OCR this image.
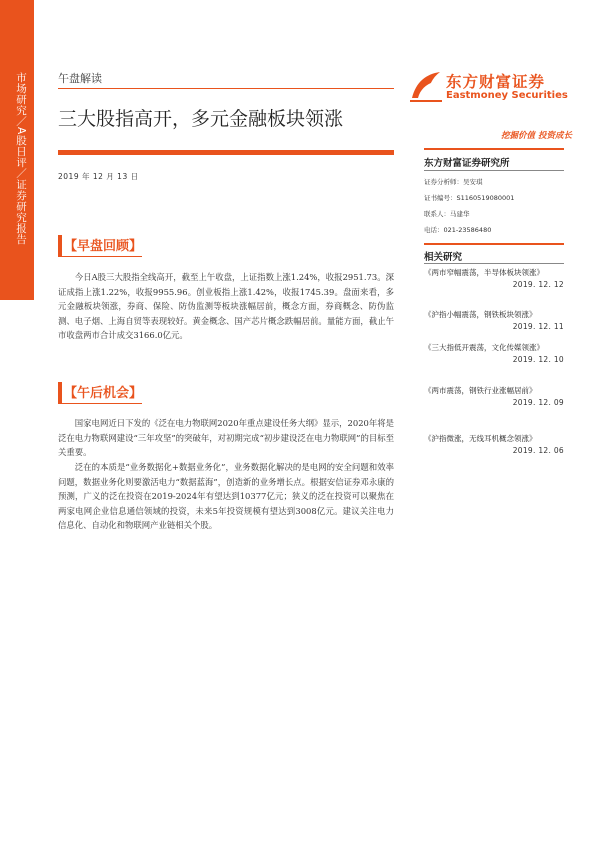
市场研究／A股日评／证券研究报告	午盘解读
三大股指高开，多元金融板块领涨
2019 年 12 月 13 日
【早盘回顾】
今日A股三大股指全线高开，截至上午收盘，上证指数上涨1.24%，收报2951.73。深证成指上涨1.22%，收报9955.96。创业板指上涨1.42%，收报1745.39。盘面来看，多元金融板块领涨，券商、保险、防伪监测等板块涨幅居前，概念方面，券商概念、防伪监测、电子烟、上海自贸等表现较好。黄金概念、国产芯片概念跌幅居前。量能方面，截止午市收盘两市合计成交3166.0亿元。
【午后机会】
国家电网近日下发的《泛在电力物联网2020年重点建设任务大纲》显示，2020年将是泛在电力物联网建设“三年攻坚”的突破年，对初期完成“初步建设泛在电力物联网”的目标至关重要。
泛在的本质是“业务数据化+数据业务化”，业务数据化解决的是电网的安全问题和效率问题，数据业务化则要激活电力“数据蓝海”，创造新的业务增长点。根据安信证券邓永康的预测，广义的泛在投资在2019-2024年有望达到10377亿元；狭义的泛在投资可以聚焦在两家电网企业信息通信领域的投资，未来5年投资规模有望达到3008亿元。建议关注电力信息化、自动化和物联网产业链相关个股。
东方财富证券
Eastmoney Securities
挖掘价值 投资成长
东方财富证券研究所
证券分析师：吴安琪
证书编号：S1160519080001
联系人：马建华
电话：021-23586480
相关研究
《两市窄幅震荡，半导体板块领涨》
2019. 12. 12
《沪指小幅震荡，钢铁板块领涨》
2019. 12. 11
《三大指低开震荡，文化传媒领涨》
2019. 12. 10
《两市震荡，钢铁行业涨幅居前》
2019. 12. 09
《沪指微涨，无线耳机概念领涨》
2019. 12. 06
